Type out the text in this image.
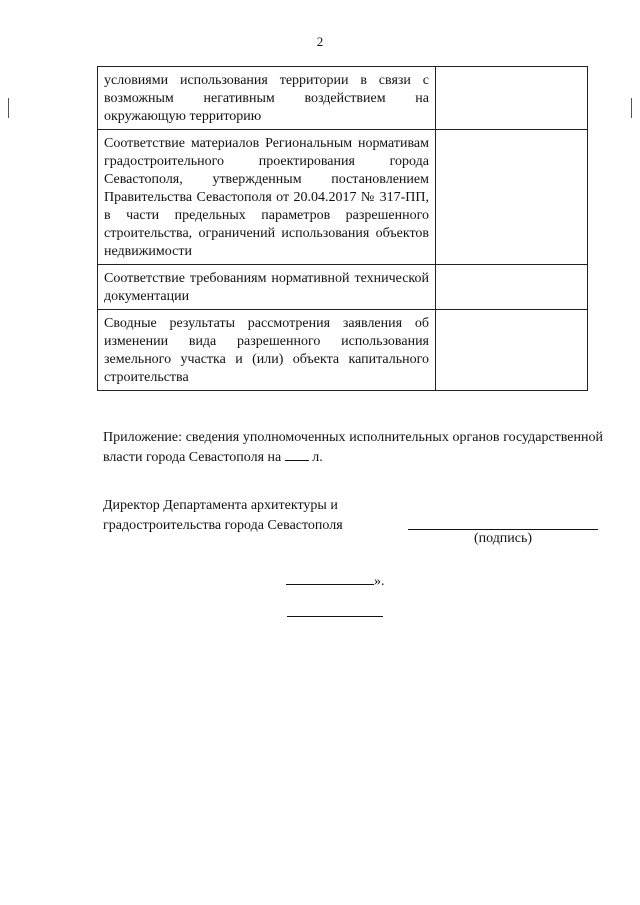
2
условиями использования территории в связи с возможным негативным воздействием на окружающую территорию	

Соответствие материалов Региональным нормативам градостроительного проектирования города Севастополя, утвержденным постановлением Правительства Севастополя от 20.04.2017 № 317-ПП, в части предельных параметров разрешенного строительства, ограничений использования объектов недвижимости	

Соответствие требованиям нормативной технической документации	

Сводные результаты рассмотрения заявления об изменении вида разрешенного использования земельного участка и (или) объекта капитального строительства	

Приложение: сведения уполномоченных исполнительных органов государственной власти города Севастополя на л.
Директор Департамента архитектуры и
градостроительства города Севастополя
(подпись)
».
